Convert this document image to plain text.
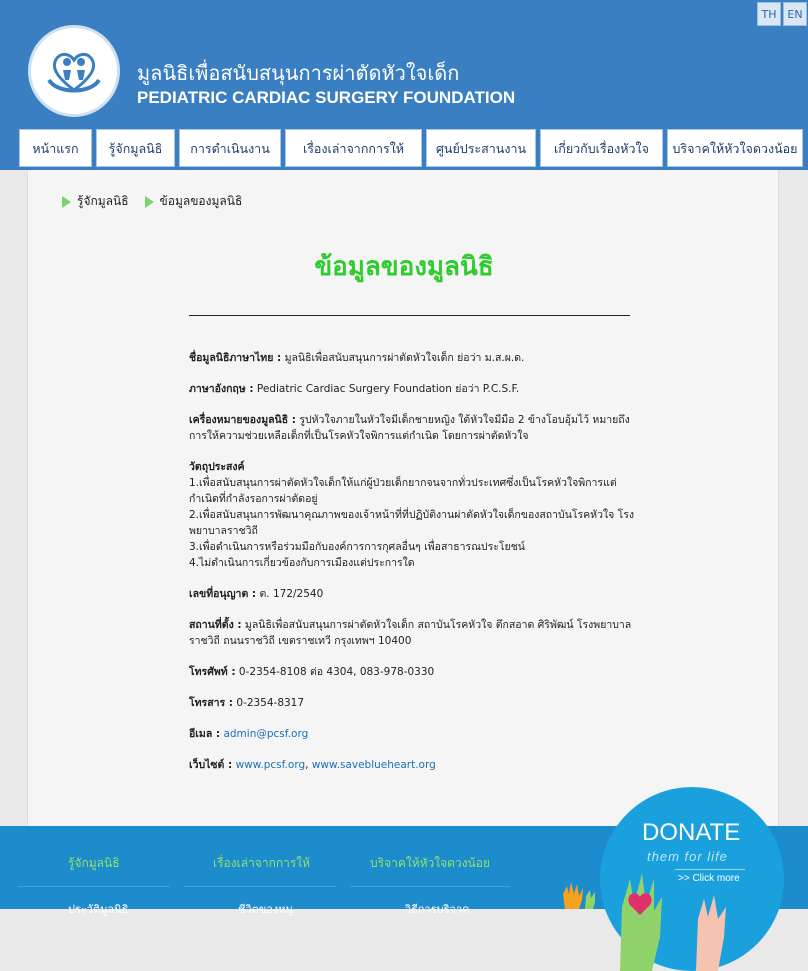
TH EN
มูลนิธิเพื่อสนับสนุนการผ่าตัดหัวใจเด็ก
PEDIATRIC CARDIAC SURGERY FOUNDATION
หน้าแรก	รู้จักมูลนิธิ	การดำเนินงาน	เรื่องเล่าจากการให้	ศูนย์ประสานงาน	เกี่ยวกับเรื่องหัวใจ	บริจาคให้หัวใจดวงน้อย
รู้จักมูลนิธิ	ข้อมูลของมูลนิธิ
ข้อมูลของมูลนิธิ
ชื่อมูลนิธิภาษาไทย : มูลนิธิเพื่อสนับสนุนการผ่าตัดหัวใจเด็ก ย่อว่า ม.ส.ผ.ด.
ภาษาอังกฤษ : Pediatric Cardiac Surgery Foundation ย่อว่า P.C.S.F.
เครื่องหมายของมูลนิธิ : รูปหัวใจภายในหัวใจมีเด็กชายหญิง ใต้หัวใจมีมือ 2 ข้างโอบอุ้มไว้ หมายถึง การให้ความช่วยเหลือเด็กที่เป็นโรคหัวใจพิการแต่กำเนิด โดยการผ่าตัดหัวใจ
วัตถุประสงค์
1.เพื่อสนับสนุนการผ่าตัดหัวใจเด็กให้แก่ผู้ป่วยเด็กยากจนจากทั่วประเทศซึ่งเป็นโรคหัวใจพิการแต่กำเนิดที่กำลังรอการผ่าตัดอยู่
2.เพื่อสนับสนุนการพัฒนาคุณภาพของเจ้าหน้าที่ที่ปฏิบัติงานผ่าตัดหัวใจเด็กของสถาบันโรคหัวใจ โรงพยาบาลราชวิถี
3.เพื่อดำเนินการหรือร่วมมือกับองค์การการกุศลอื่นๆ เพื่อสาธารณประโยชน์
4.ไม่ดำเนินการเกี่ยวข้องกับการเมืองแต่ประการใด
เลขที่อนุญาต : ต. 172/2540
สถานที่ตั้ง : มูลนิธิเพื่อสนับสนุนการผ่าตัดหัวใจเด็ก สถาบันโรคหัวใจ ตึกสอาด ศิริพัฒน์ โรงพยาบาลราชวิถี ถนนราชวิถี เขตราชเทวี กรุงเทพฯ 10400
โทรศัพท์ : 0-2354-8108 ต่อ 4304, 083-978-0330
โทรสาร : 0-2354-8317
อีเมล : admin@pcsf.org
เว็บไซต์ : www.pcsf.org, www.saveblueheart.org
รู้จักมูลนิธิ	เรื่องเล่าจากการให้	บริจาคให้หัวใจดวงน้อย
ประวัติมูลนิธิ	ชีวิตของหนู	วิธีการบริจาค
DONATE
them for life
>> Click more
